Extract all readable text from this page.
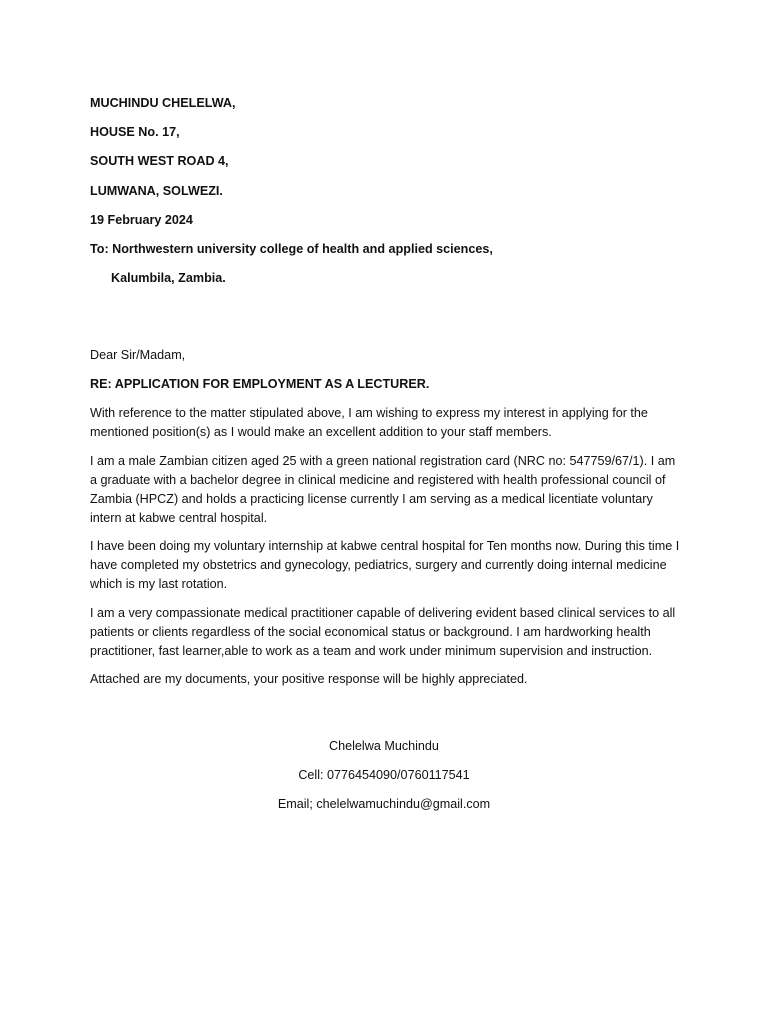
MUCHINDU CHELELWA,
HOUSE No. 17,
SOUTH WEST ROAD 4,
LUMWANA, SOLWEZI.
19 February 2024
To: Northwestern university college of health and applied sciences,
Kalumbila, Zambia.
Dear Sir/Madam,
RE: APPLICATION FOR EMPLOYMENT AS A LECTURER.

With reference to the matter stipulated above, I am wishing to express my interest in applying for the mentioned position(s) as I would make an excellent addition to your staff members.

I am a male Zambian citizen aged 25 with a green national registration card (NRC no: 547759/67/1). I am a graduate with a bachelor degree in clinical medicine and registered with health professional council of Zambia (HPCZ) and holds a practicing license currently I am serving as a medical licentiate voluntary intern at kabwe central hospital.

I have been doing my voluntary internship at kabwe central hospital for Ten months now. During this time I have completed my obstetrics and gynecology, pediatrics, surgery and currently doing internal medicine which is my last rotation.

I am a very compassionate medical practitioner capable of delivering evident based clinical services to all patients or clients regardless of the social economical status or background. I am hardworking health practitioner, fast learner,able to work as a team and work under minimum supervision and instruction.

Attached are my documents, your positive response will be highly appreciated.

Chelelwa Muchindu
Cell: 0776454090/0760117541
Email; chelelwamuchindu@gmail.com
